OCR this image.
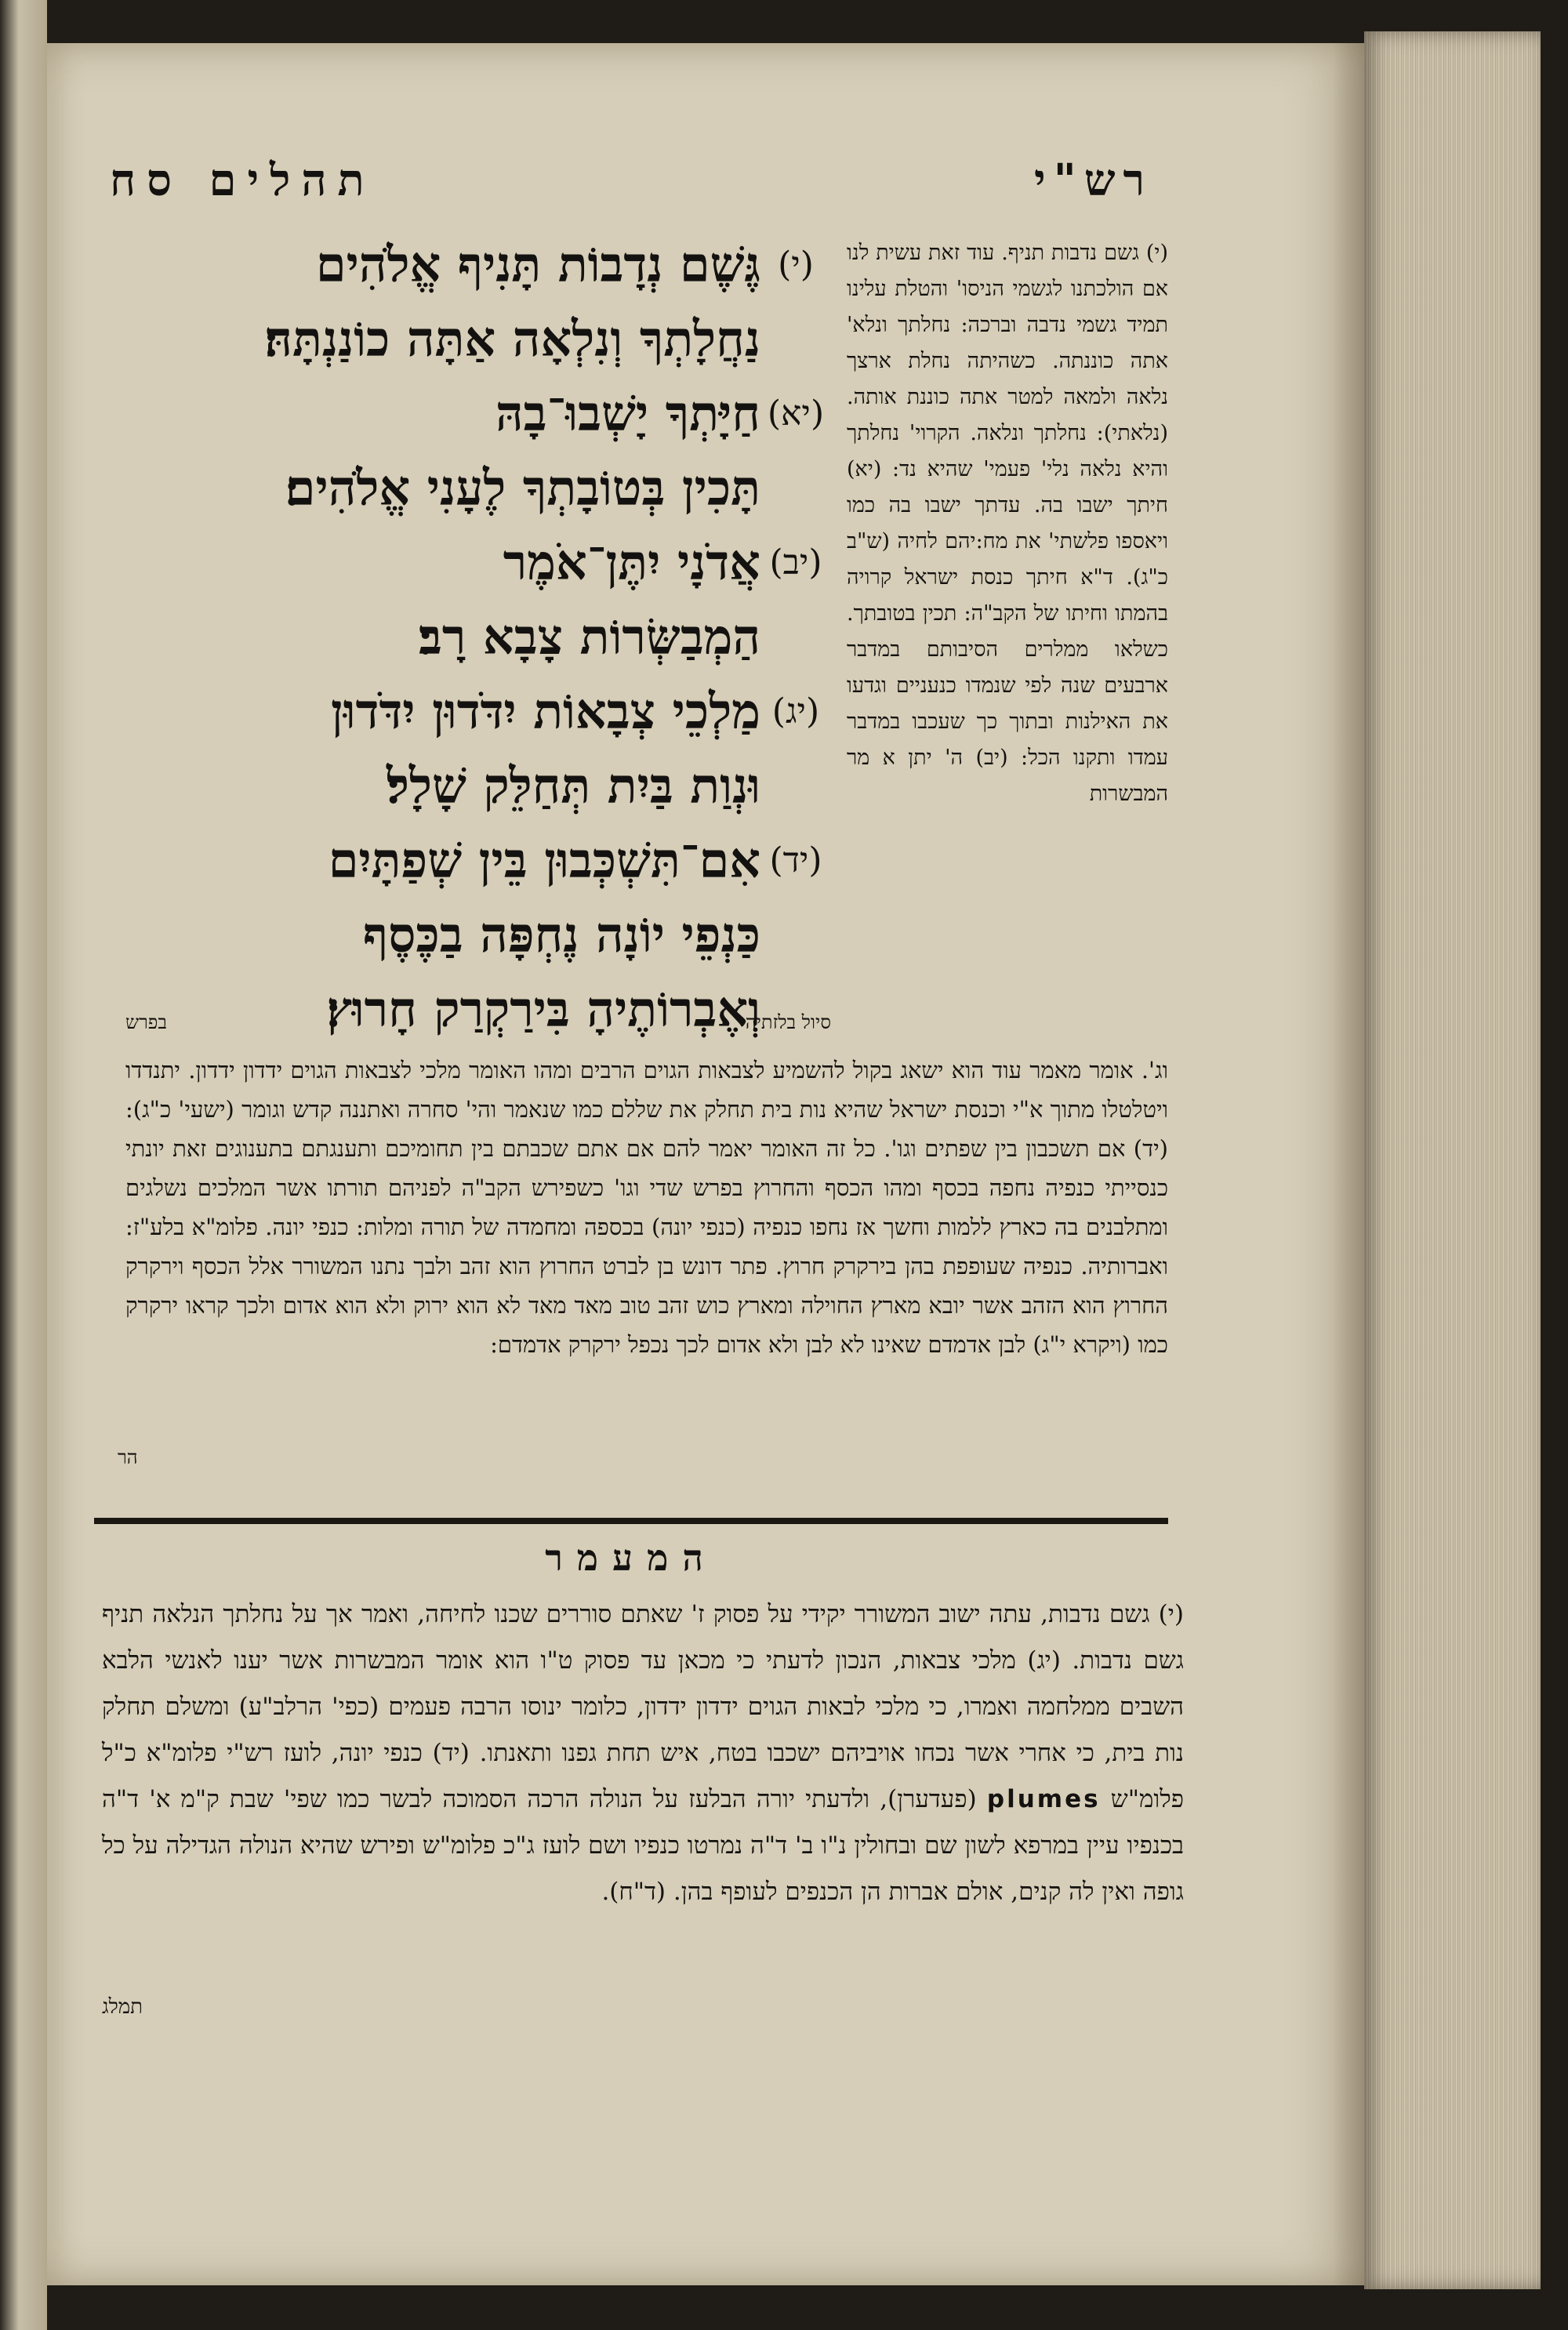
רש"י
תהלים סח
(י) גשם נדבות תניף. עוד זאת עשית לנו אם הולכתנו לגשמי הניסו' והטלת עלינו תמיד גשמי נדבה וברכה: נחלתך ונלא' אתה כוננתה. כשהיתה נחלת ארצך נלאה ולמאה למטר אתה כוננת אותה. (נלאתי): נחלתך ונלאה. הקרוי' נחלתך והיא נלאה נלי' פעמי' שהיא נד: (יא) חיתך ישבו בה. עדתך ישבו בה כמו ויאספו פלשתי' את מח:יהם לחיה (ש"ב כ"ג). ד"א חיתך כנסת ישראל קרויה בהמתו וחיתו של הקב"ה: תכין בטובתך. כשלאו ממלרים הסיבותם במדבר ארבעים שנה לפי שנמדו כנעניים וגדעו את האילנות ובתוך כך שעכבו במדבר עמדו ותקנו הכל: (יב) ה' יתן א מר המבשרות
(י)
גֶּשֶׁם נְדָבוֹת תָּנִיף אֱלֹהִים
נַחֲלָתְךָ וְנִלְאָה אַתָּה כוֹנַנְתָּהּ׃
(יא)
חַיָּתְךָ יָשְׁבוּ־בָהּ
תָּכִין בְּטוֹבָתְךָ לֶעָנִי אֱלֹהִים׃
(יב)
אֲדֹנָי יִתֶּן־אֹמֶר
הַמְבַשְּׂרוֹת צָבָא רָב׃
(יג)
מַלְכֵי צְבָאוֹת יִדֹּדוּן יִדֹּדוּן
וּנְוַת בַּיִת תְּחַלֵּק שָׁלָל׃
(יד)
אִם־תִּשְׁכְּבוּן בֵּין שְׁפַתָּיִם
כַּנְפֵי יוֹנָה נֶחְפָּה בַכֶּסֶף
וְאֶבְרוֹתֶיהָ בִּירַקְרַק חָרוּץ׃
סיול בלזתיה
בפרש
וג'. אומר מאמר עוד הוא ישאג בקול להשמיע לצבאות הגוים הרבים ומהו האומר מלכי לצבאות הגוים ידדון ידדון. יתנדדו ויטלטלו מתוך א"י וכנסת ישראל שהיא נות בית תחלק את שללם כמו שנאמר והי' סחרה ואתננה קדש וגומר (ישעי' כ"ג): (יד) אם תשכבון בין שפתים וגו'. כל זה האומר יאמר להם אם אתם שכבתם בין תחומיכם ותענגתם בתענוגים זאת יונתי כנסייתי כנפיה נחפה בכסף ומהו הכסף והחרוץ בפרש שדי וגו' כשפירש הקב"ה לפניהם תורתו אשר המלכים נשלגים ומתלבנים בה כארץ ללמות וחשך אז נחפו כנפיה (כנפי יונה) בכספה ומחמדה של תורה ומלות: כנפי יונה. פלומ"א בלע"ז: ואברותיה. כנפיה שעופפת בהן בירקרק חרוץ. פתר דונש בן לברט החרוץ הוא זהב ולבך נתנו המשורר אלל הכסף וירקרק החרוץ הוא הזהב אשר יובא מארץ החוילה ומארץ כוש זהב טוב מאד מאד לא הוא ירוק ולא הוא אדום ולכך קראו ירקרק כמו (ויקרא י"ג) לבן אדמדם שאינו לא לבן ולא אדום לכך נכפל ירקרק אדמדם:
הר
המעמר
(י) גשם נדבות, עתה ישוב המשורר יקידי על פסוק ז' שאתם סוררים שכנו לחיחה, ואמר אך על נחלתך הנלאה תניף גשם נדבות. (יג) מלכי צבאות, הנכון לדעתי כי מכאן עד פסוק ט"ו הוא אומר המבשרות אשר יענו לאנשי הלבא השבים ממלחמה ואמרו, כי מלכי לבאות הגוים ידדון ידדון, כלומר ינוסו הרבה פעמים (כפי' הרלב"ע) ומשלם תחלק נות בית, כי אחרי אשר נכחו אויביהם ישכבו בטח, איש תחת גפנו ותאנתו. (יד) כנפי יונה, לועז רש"י פלומ"א כ"ל פלומ"ש plumes (פעדערן), ולדעתי יורה הבלעז על הנולה הרכה הסמוכה לבשר כמו שפי' שבת ק"מ א' ד"ה בכנפיו עיין במרפא לשון שם ובחולין נ"ו ב' ד"ה נמרטו כנפיו ושם לועז ג"כ פלומ"ש ופירש שהיא הנולה הגדילה על כל גופה ואין לה קנים, אולם אברות הן הכנפים לעופף בהן. (ד"ח).
תמלג
